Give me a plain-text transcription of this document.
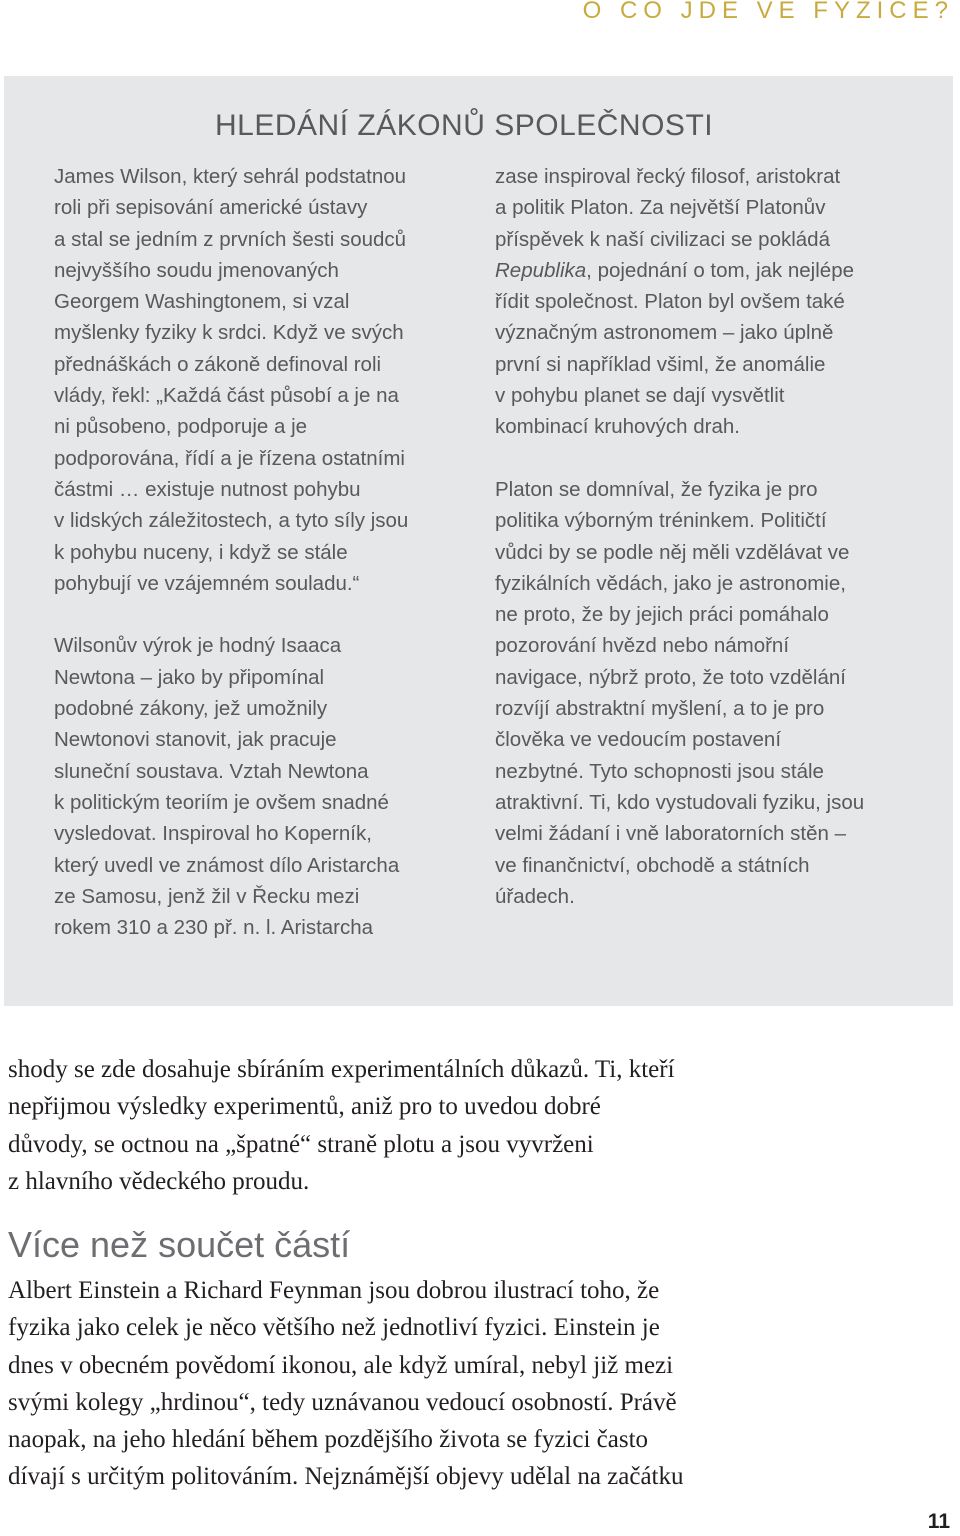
O CO JDE VE FYZICE?
HLEDÁNÍ ZÁKONŮ SPOLEČNOSTI

James Wilson, který sehrál podstatnou
roli při sepisování americké ústavy
a stal se jedním z prvních šesti soudců
nejvyššího soudu jmenovaných
Georgem Washingtonem, si vzal
myšlenky fyziky k srdci. Když ve svých
přednáškách o zákoně definoval roli
vlády, řekl: „Každá část působí a je na
ni působeno, podporuje a je
podporována, řídí a je řízena ostatními
částmi … existuje nutnost pohybu
v lidských záležitostech, a tyto síly jsou
k pohybu nuceny, i když se stále
pohybují ve vzájemném souladu.“

Wilsonův výrok je hodný Isaaca
Newtona – jako by připomínal
podobné zákony, jež umožnily
Newtonovi stanovit, jak pracuje
sluneční soustava. Vztah Newtona
k politickým teoriím je ovšem snadné
vysledovat. Inspiroval ho Koperník,
který uvedl ve známost dílo Aristarcha
ze Samosu, jenž žil v Řecku mezi
rokem 310 a 230 př. n. l. Aristarcha

zase inspiroval řecký filosof, aristokrat
a politik Platon. Za největší Platonův
příspěvek k naší civilizaci se pokládá
Republika, pojednání o tom, jak nejlépe
řídit společnost. Platon byl ovšem také
význačným astronomem – jako úplně
první si například všiml, že anomálie
v pohybu planet se dají vysvětlit
kombinací kruhových drah.

Platon se domníval, že fyzika je pro
politika výborným tréninkem. Političtí
vůdci by se podle něj měli vzdělávat ve
fyzikálních vědách, jako je astronomie,
ne proto, že by jejich práci pomáhalo
pozorování hvězd nebo námořní
navigace, nýbrž proto, že toto vzdělání
rozvíjí abstraktní myšlení, a to je pro
člověka ve vedoucím postavení
nezbytné. Tyto schopnosti jsou stále
atraktivní. Ti, kdo vystudovali fyziku, jsou
velmi žádaní i vně laboratorních stěn –
ve finančnictví, obchodě a státních
úřadech.

shody se zde dosahuje sbíráním experimentálních důkazů. Ti, kteří
nepřijmou výsledky experimentů, aniž pro to uvedou dobré
důvody, se octnou na „špatné“ straně plotu a jsou vyvrženi
z hlavního vědeckého proudu.
Více než součet částí
Albert Einstein a Richard Feynman jsou dobrou ilustrací toho, že
fyzika jako celek je něco většího než jednotliví fyzici. Einstein je
dnes v obecném povědomí ikonou, ale když umíral, nebyl již mezi
svými kolegy „hrdinou“, tedy uznávanou vedoucí osobností. Právě
naopak, na jeho hledání během pozdějšího života se fyzici často
dívají s určitým politováním. Nejznámější objevy udělal na začátku
11
